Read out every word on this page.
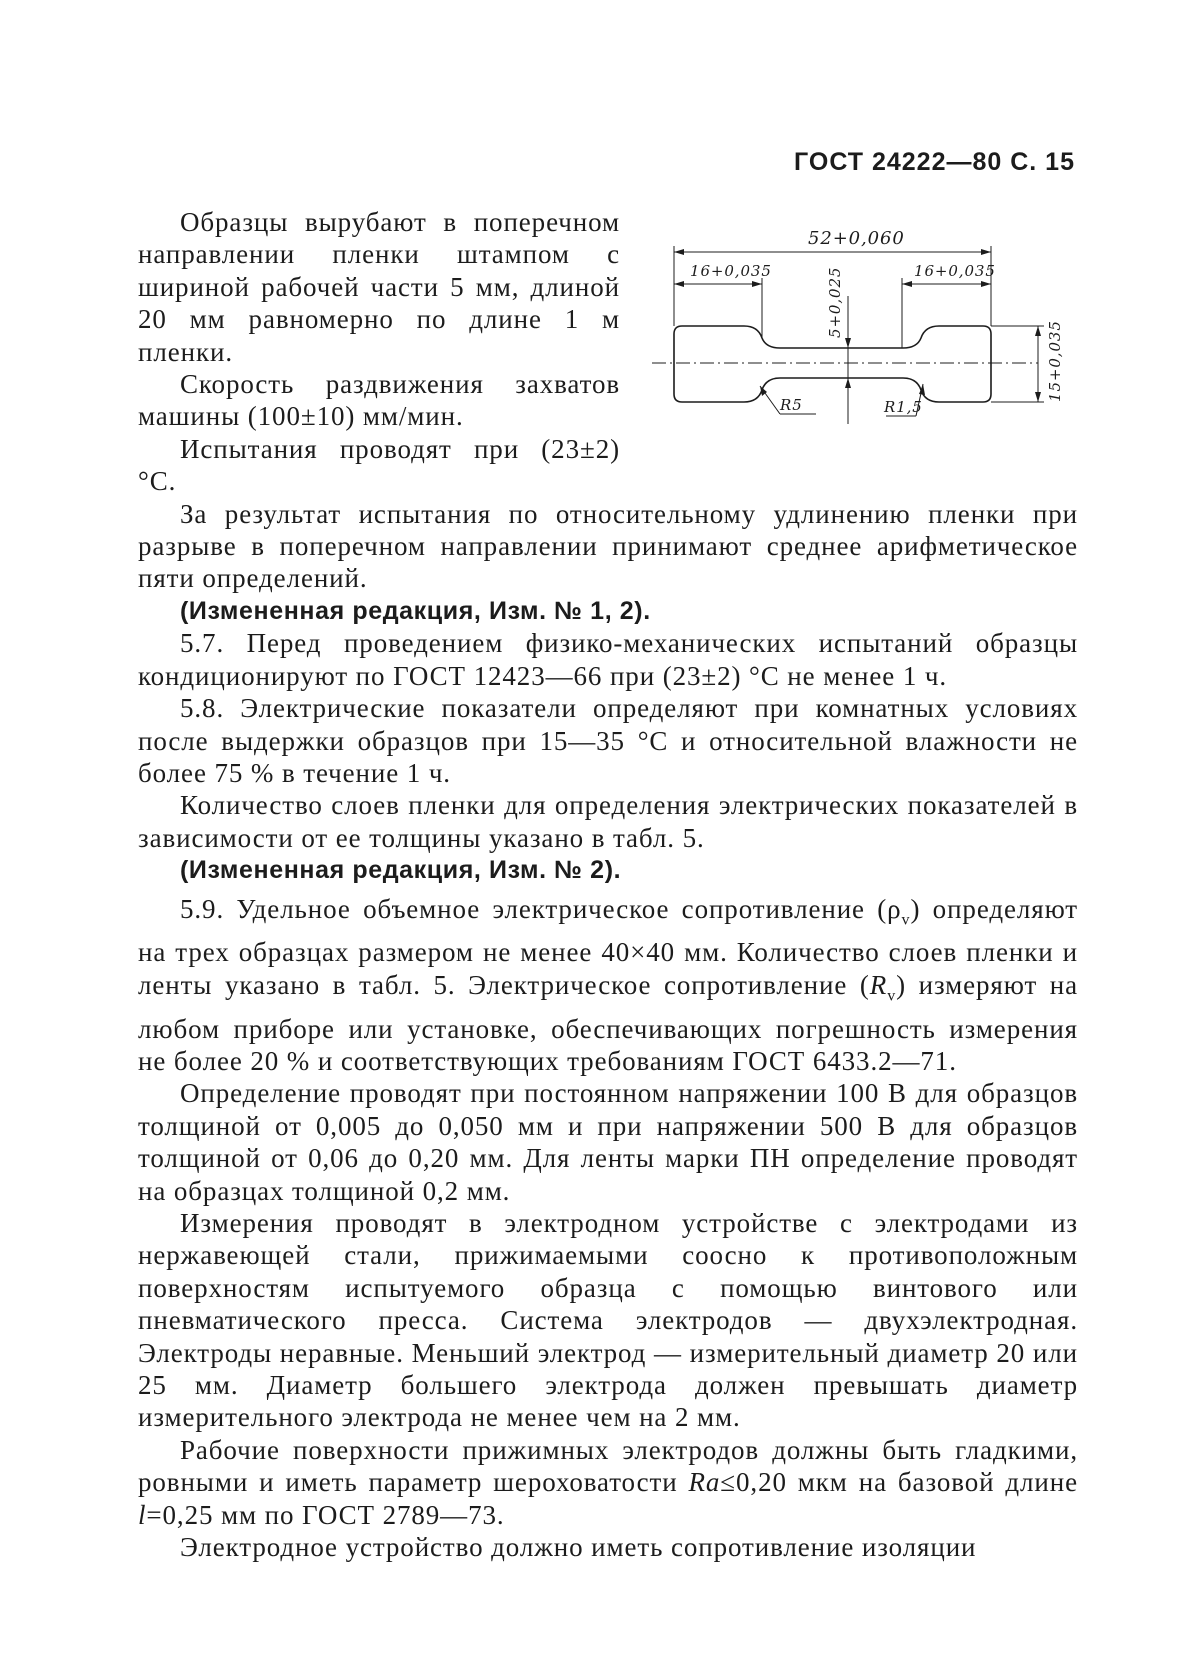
ГОСТ 24222—80 С. 15
52+0,060
16+0,035	16+0,035
5+0,025
15+0,035
R5	R1,5

Образцы вырубают в поперечном направлении пленки штампом с шириной рабочей части 5 мм, длиной 20 мм равномерно по длине 1 м пленки.

Скорость раздвижения захватов машины (100±10) мм/мин.

Испытания проводят при (23±2) °С.

За результат испытания по относительному удлинению пленки при разрыве в поперечном направлении принимают среднее арифметическое пяти определений.

(Измененная редакция, Изм. № 1, 2).

5.7. Перед проведением физико-механических испытаний образцы кондиционируют по ГОСТ 12423—66 при (23±2) °С не менее 1 ч.

5.8. Электрические показатели определяют при комнатных условиях после выдержки образцов при 15—35 °С и относительной влажности не более 75 % в течение 1 ч.

Количество слоев пленки для определения электрических показателей в зависимости от ее толщины указано в табл. 5.

(Измененная редакция, Изм. № 2).

5.9. Удельное объемное электрическое сопротивление $(\rho_v)$ определяют на трех образцах размером не менее 40×40 мм. Количество слоев пленки и ленты указано в табл. 5. Электрическое сопротивление $(R_v)$ измеряют на любом приборе или установке, обеспечивающих погрешность измерения не более 20 % и соответствующих требованиям ГОСТ 6433.2—71.

Определение проводят при постоянном напряжении 100 В для образцов толщиной от 0,005 до 0,050 мм и при напряжении 500 В для образцов толщиной от 0,06 до 0,20 мм. Для ленты марки ПН определение проводят на образцах толщиной 0,2 мм.

Измерения проводят в электродном устройстве с электродами из нержавеющей стали, прижимаемыми соосно к противоположным поверхностям испытуемого образца с помощью винтового или пневматического пресса. Система электродов — двухэлектродная. Электроды неравные. Меньший электрод — измерительный диаметр 20 или 25 мм. Диаметр большего электрода должен превышать диаметр измерительного электрода не менее чем на 2 мм.

Рабочие поверхности прижимных электродов должны быть гладкими, ровными и иметь параметр шероховатости Ra≤0,20 мкм на базовой длине l=0,25 мм по ГОСТ 2789—73.

Электродное устройство должно иметь сопротивление изоляции
